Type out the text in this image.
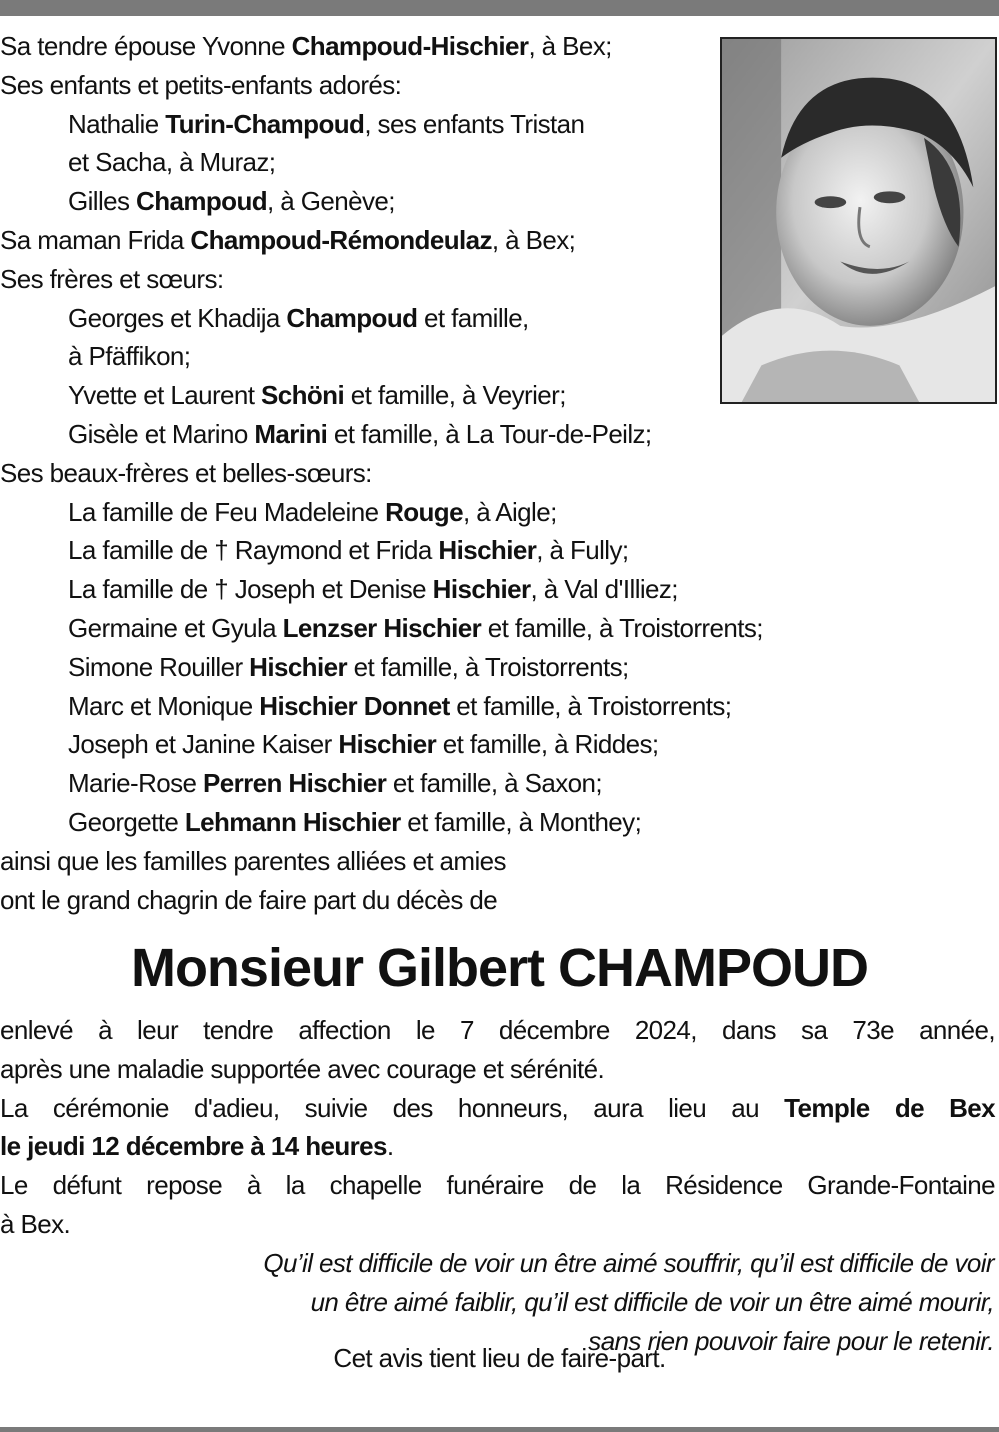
Sa tendre épouse Yvonne Champoud-Hischier, à Bex;
Ses enfants et petits-enfants adorés:
Nathalie Turin-Champoud, ses enfants Tristan
et Sacha, à Muraz;
Gilles Champoud, à Genève;
Sa maman Frida Champoud-Rémondeulaz, à Bex;
Ses frères et sœurs:
Georges et Khadija Champoud et famille,
à Pfäffikon;
Yvette et Laurent Schöni et famille, à Veyrier;
Gisèle et Marino Marini et famille, à La Tour-de-Peilz;
Ses beaux-frères et belles-sœurs:
La famille de Feu Madeleine Rouge, à Aigle;
La famille de † Raymond et Frida Hischier, à Fully;
La famille de † Joseph et Denise Hischier, à Val d'Illiez;
Germaine et Gyula Lenzser Hischier et famille, à Troistorrents;
Simone Rouiller Hischier et famille, à Troistorrents;
Marc et Monique Hischier Donnet et famille, à Troistorrents;
Joseph et Janine Kaiser Hischier et famille, à Riddes;
Marie-Rose Perren Hischier et famille, à Saxon;
Georgette Lehmann Hischier et famille, à Monthey;
ainsi que les familles parentes alliées et amies
ont le grand chagrin de faire part du décès de
Monsieur Gilbert CHAMPOUD
enlevé à leur tendre affection le 7 décembre 2024, dans sa 73e année,
après une maladie supportée avec courage et sérénité.
La cérémonie d'adieu, suivie des honneurs, aura lieu au Temple de Bex
le jeudi 12 décembre à 14 heures.
Le défunt repose à la chapelle funéraire de la Résidence Grande-Fontaine
à Bex.
Qu’il est difficile de voir un être aimé souffrir, qu’il est difficile de voir
un être aimé faiblir, qu’il est difficile de voir un être aimé mourir,
sans rien pouvoir faire pour le retenir.
Cet avis tient lieu de faire-part.
